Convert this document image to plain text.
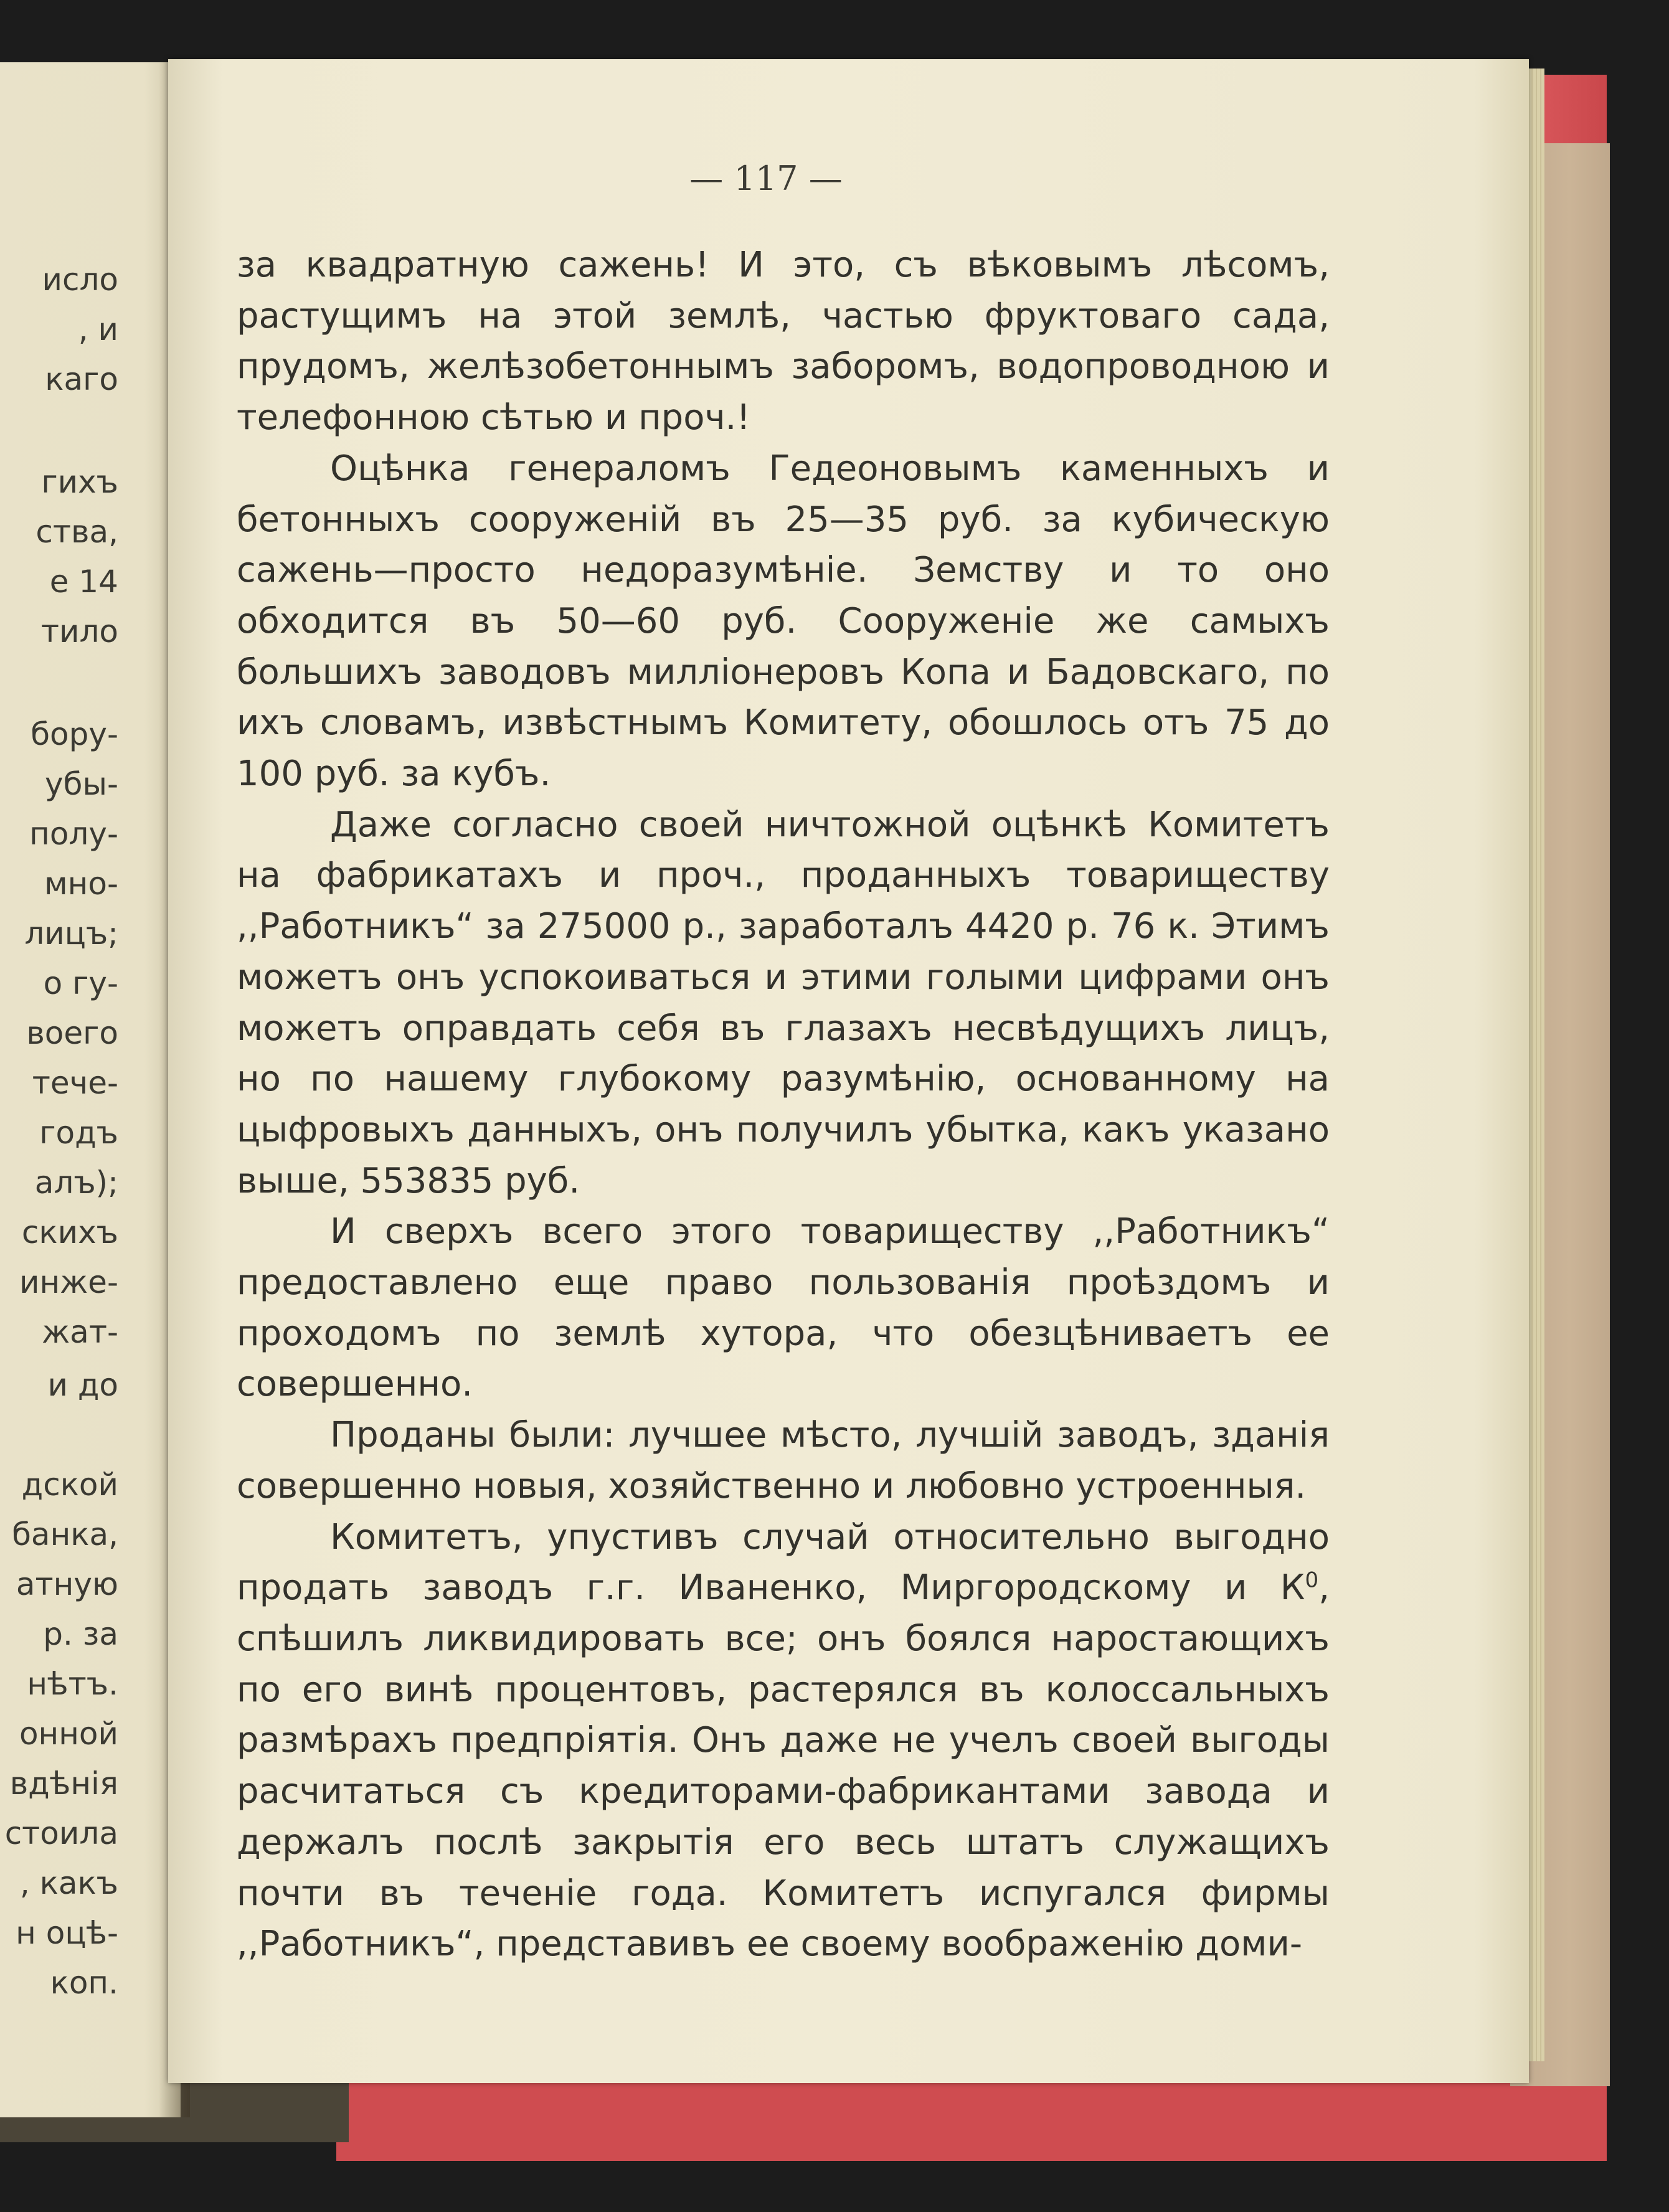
исло
, и
каго
гихъ
ства,
е 14
тило
бору-
убы-
полу-
мно-
лицъ;
о гу-
воего
тече-
годъ
алъ);
скихъ
инже-
жат-
и до
дской
банка,
атную
р. за
нѣтъ.
онной
вдѣнія
стоила
, какъ
н оцѣ-
коп.
— 117 —

за квадратную сажень! И это, съ вѣковымъ лѣсомъ, растущимъ на этой землѣ, частью фруктоваго сада, прудомъ, желѣзобетоннымъ заборомъ, водопроводною и телефонною сѣтью и проч.!

Оцѣнка генераломъ Гедеоновымъ каменныхъ и бетонныхъ сооруженій въ 25—35 руб. за кубическую сажень—просто недоразумѣніе. Земству и то оно обходится въ 50—60 руб. Сооруженіе же самыхъ большихъ заводовъ милліонеровъ Копа и Бадовскаго, по ихъ словамъ, извѣстнымъ Комитету, обошлось отъ 75 до 100 руб. за кубъ.

Даже согласно своей ничтожной оцѣнкѣ Комитетъ на фабрикатахъ и проч., проданныхъ товариществу ,,Работникъ“ за 275000 р., заработалъ 4420 р. 76 к. Этимъ можетъ онъ успокоиваться и этими голыми цифрами онъ можетъ оправдать себя въ глазахъ несвѣдущихъ лицъ, но по нашему глубокому разумѣнію, основанному на цыфровыхъ данныхъ, онъ получилъ убытка, какъ указано выше, 553835 руб.

И сверхъ всего этого товариществу ,,Работникъ“ предоставлено еще право пользованія проѣздомъ и проходомъ по землѣ хутора, что обезцѣниваетъ ее совершенно.

Проданы были: лучшее мѣсто, лучшій заводъ, зданія совершенно новыя, хозяйственно и любовно устроенныя.

Комитетъ, упустивъ случай относительно выгодно продать заводъ г.г. Иваненко, Миргородскому и $К^0$, спѣшилъ ликвидировать все; онъ боялся наростающихъ по его винѣ процентовъ, растерялся въ колоссальныхъ размѣрахъ предпріятія. Онъ даже не учелъ своей выгоды расчитаться съ кредиторами-фабрикантами завода и держалъ послѣ закрытія его весь штатъ служащихъ почти въ теченіе года. Комитетъ испугался фирмы ,,Работникъ“, представивъ ее своему воображенію доми-
